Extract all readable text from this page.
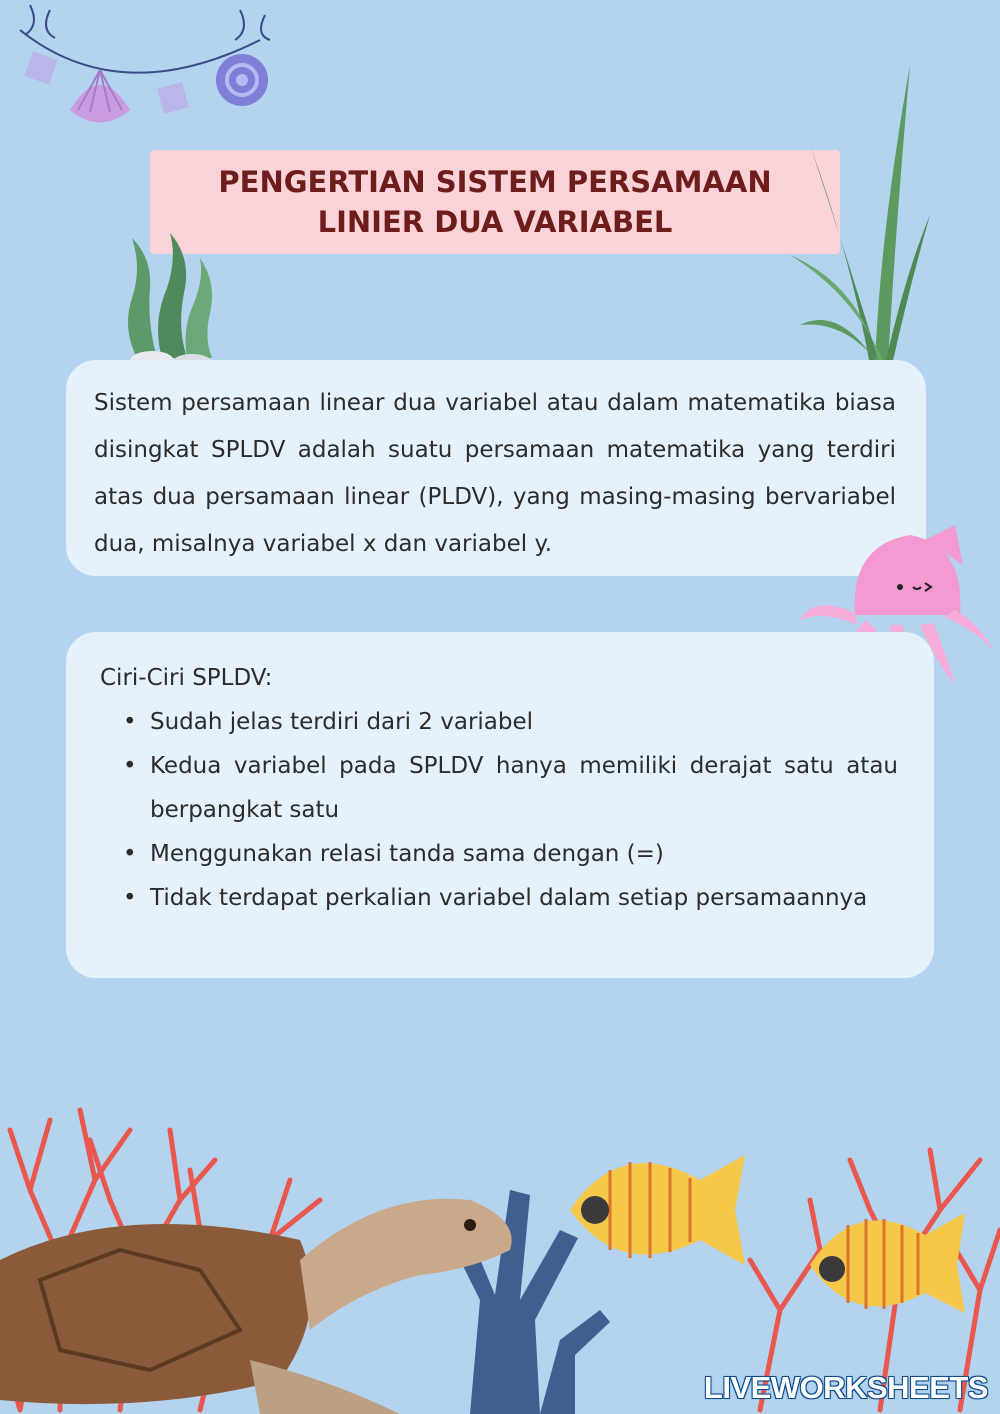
PENGERTIAN SISTEM PERSAMAAN
LINIER DUA VARIABEL

Sistem persamaan linear dua variabel atau dalam matematika biasa disingkat SPLDV adalah suatu persamaan matematika yang terdiri atas dua persamaan linear (PLDV), yang masing-masing bervariabel dua, misalnya variabel x dan variabel y.

Ciri-Ciri SPLDV:
• Sudah jelas terdiri dari 2 variabel
• Kedua variabel pada SPLDV hanya memiliki derajat satu atau berpangkat satu
• Menggunakan relasi tanda sama dengan (=)
• Tidak terdapat perkalian variabel dalam setiap persamaannya
LIVEWORKSHEETS
